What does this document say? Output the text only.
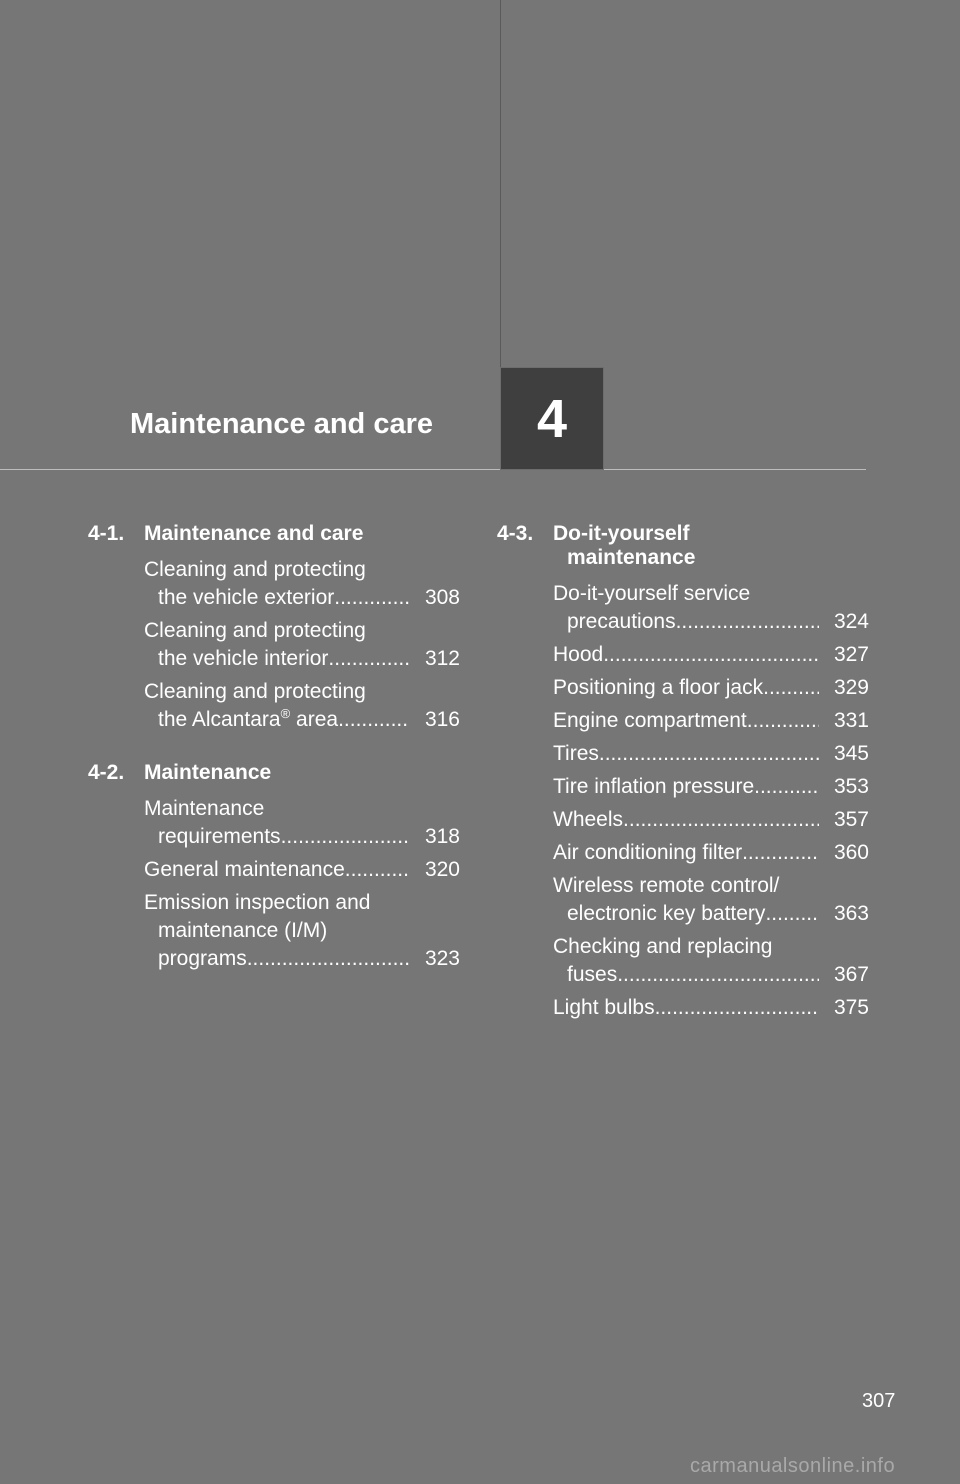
Maintenance and care	4
4-1. Maintenance and care
Cleaning and protecting
the vehicle exterior .....	308
Cleaning and protecting
the vehicle interior .....	312
Cleaning and protecting
the Alcantara® area .....	316
4-2. Maintenance
Maintenance
requirements .....	318
General maintenance .....	320
Emission inspection and
maintenance (I/M)
programs .....	323
4-3. Do-it-yourself
maintenance
Do-it-yourself service
precautions .....	324
Hood .....	327
Positioning a floor jack .....	329
Engine compartment .....	331
Tires .....	345
Tire inflation pressure .....	353
Wheels .....	357
Air conditioning filter .....	360
Wireless remote control/
electronic key battery .....	363
Checking and replacing
fuses .....	367
Light bulbs .....	375
307
carmanualsonline.info
